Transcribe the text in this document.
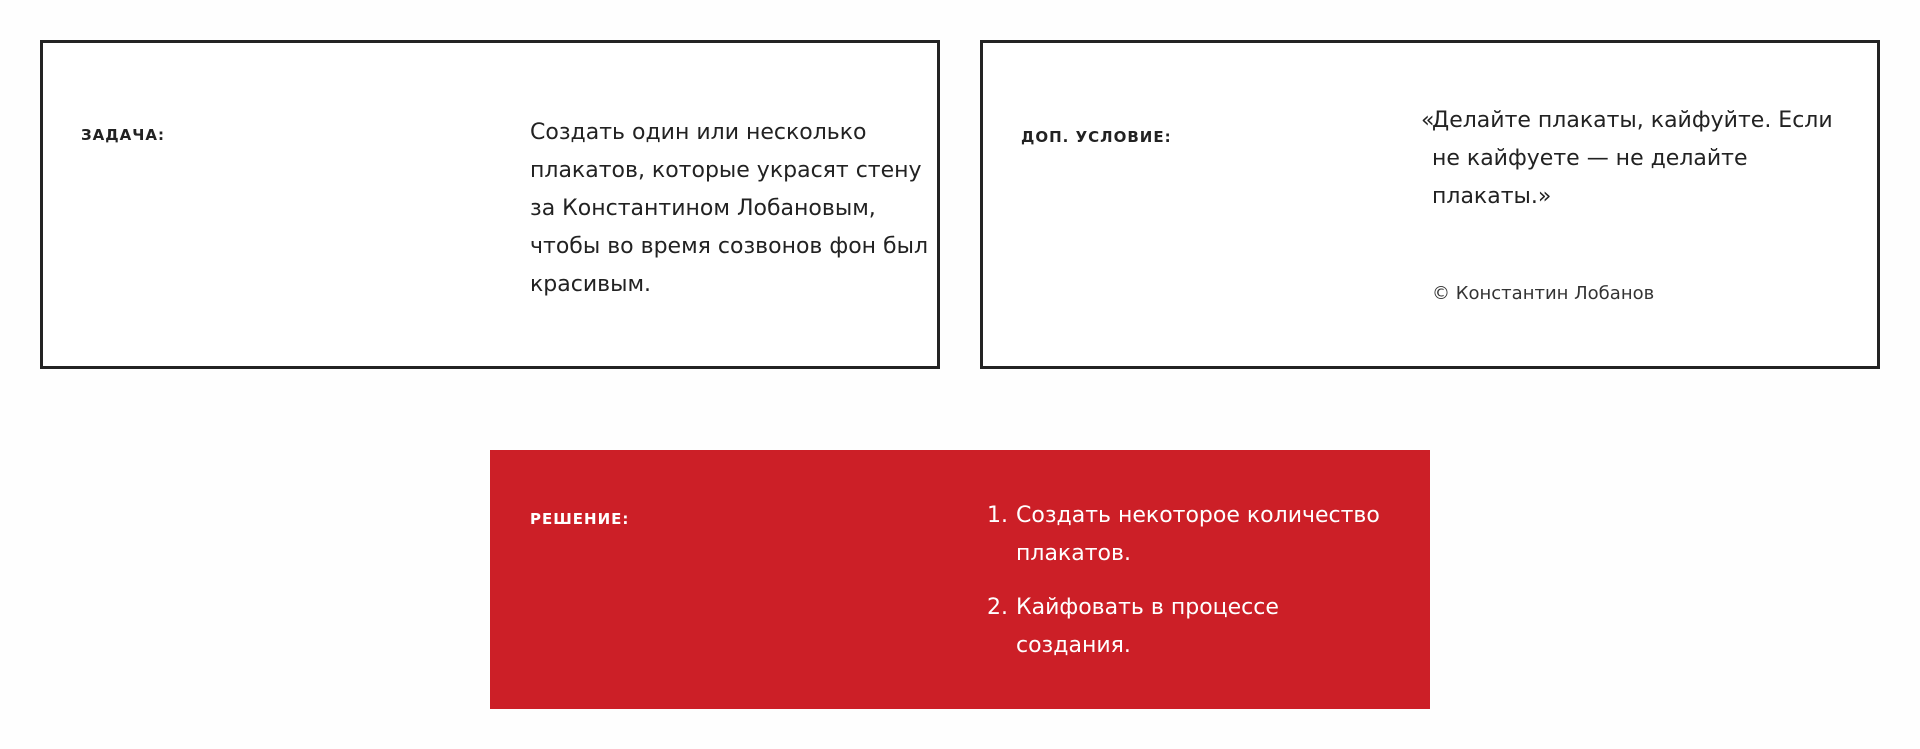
ЗАДАЧА:	Создать один или несколько плакатов, которые украсят стену за Константином Лобановым, чтобы во время созвонов фон был красивым.
ДОП. УСЛОВИЕ:
«
Делайте плакаты, кайфуйте. Если не кайфуете — не делайте плакаты.»
© Константин Лобанов
РЕШЕНИЕ:	1. Создать некоторое количество плакатов.
2. Кайфовать в процессе создания.
